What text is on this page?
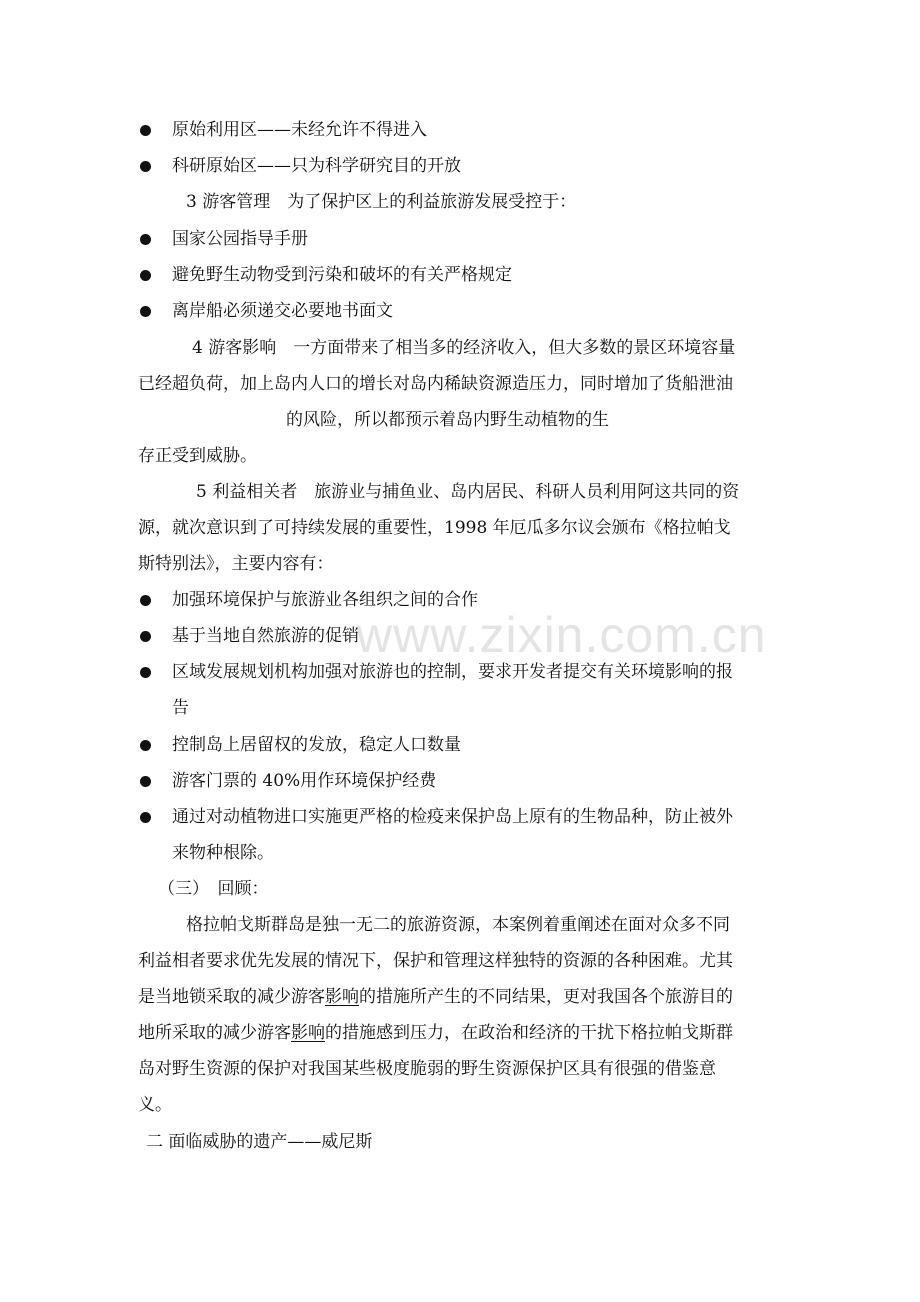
www.zixin.com.cn
原始利用区——未经允许不得进入
科研原始区——只为科学研究目的开放
3 游客管理　为了保护区上的利益旅游发展受控于：
国家公园指导手册
避免野生动物受到污染和破坏的有关严格规定
离岸船必须递交必要地书面文
4 游客影响　一方面带来了相当多的经济收入，但大多数的景区环境容量
已经超负荷，加上岛内人口的增长对岛内稀缺资源造压力，同时增加了货船泄油
的风险，所以都预示着岛内野生动植物的生
存正受到威胁。
5 利益相关者　旅游业与捕鱼业、岛内居民、科研人员利用阿这共同的资
源，就次意识到了可持续发展的重要性，1998 年厄瓜多尔议会颁布《格拉帕戈
斯特别法》，主要内容有：
加强环境保护与旅游业各组织之间的合作
基于当地自然旅游的促销
区域发展规划机构加强对旅游也的控制，要求开发者提交有关环境影响的报
告
控制岛上居留权的发放，稳定人口数量
游客门票的 40%用作环境保护经费
通过对动植物进口实施更严格的检疫来保护岛上原有的生物品种，防止被外
来物种根除。
（三）　回顾：
格拉帕戈斯群岛是独一无二的旅游资源，本案例着重阐述在面对众多不同
利益相者要求优先发展的情况下，保护和管理这样独特的资源的各种困难。尤其
是当地锁采取的减少游客影响的措施所产生的不同结果，更对我国各个旅游目的
地所采取的减少游客影响的措施感到压力，在政治和经济的干扰下格拉帕戈斯群
岛对野生资源的保护对我国某些极度脆弱的野生资源保护区具有很强的借鉴意
义。
二 面临威胁的遗产——威尼斯
